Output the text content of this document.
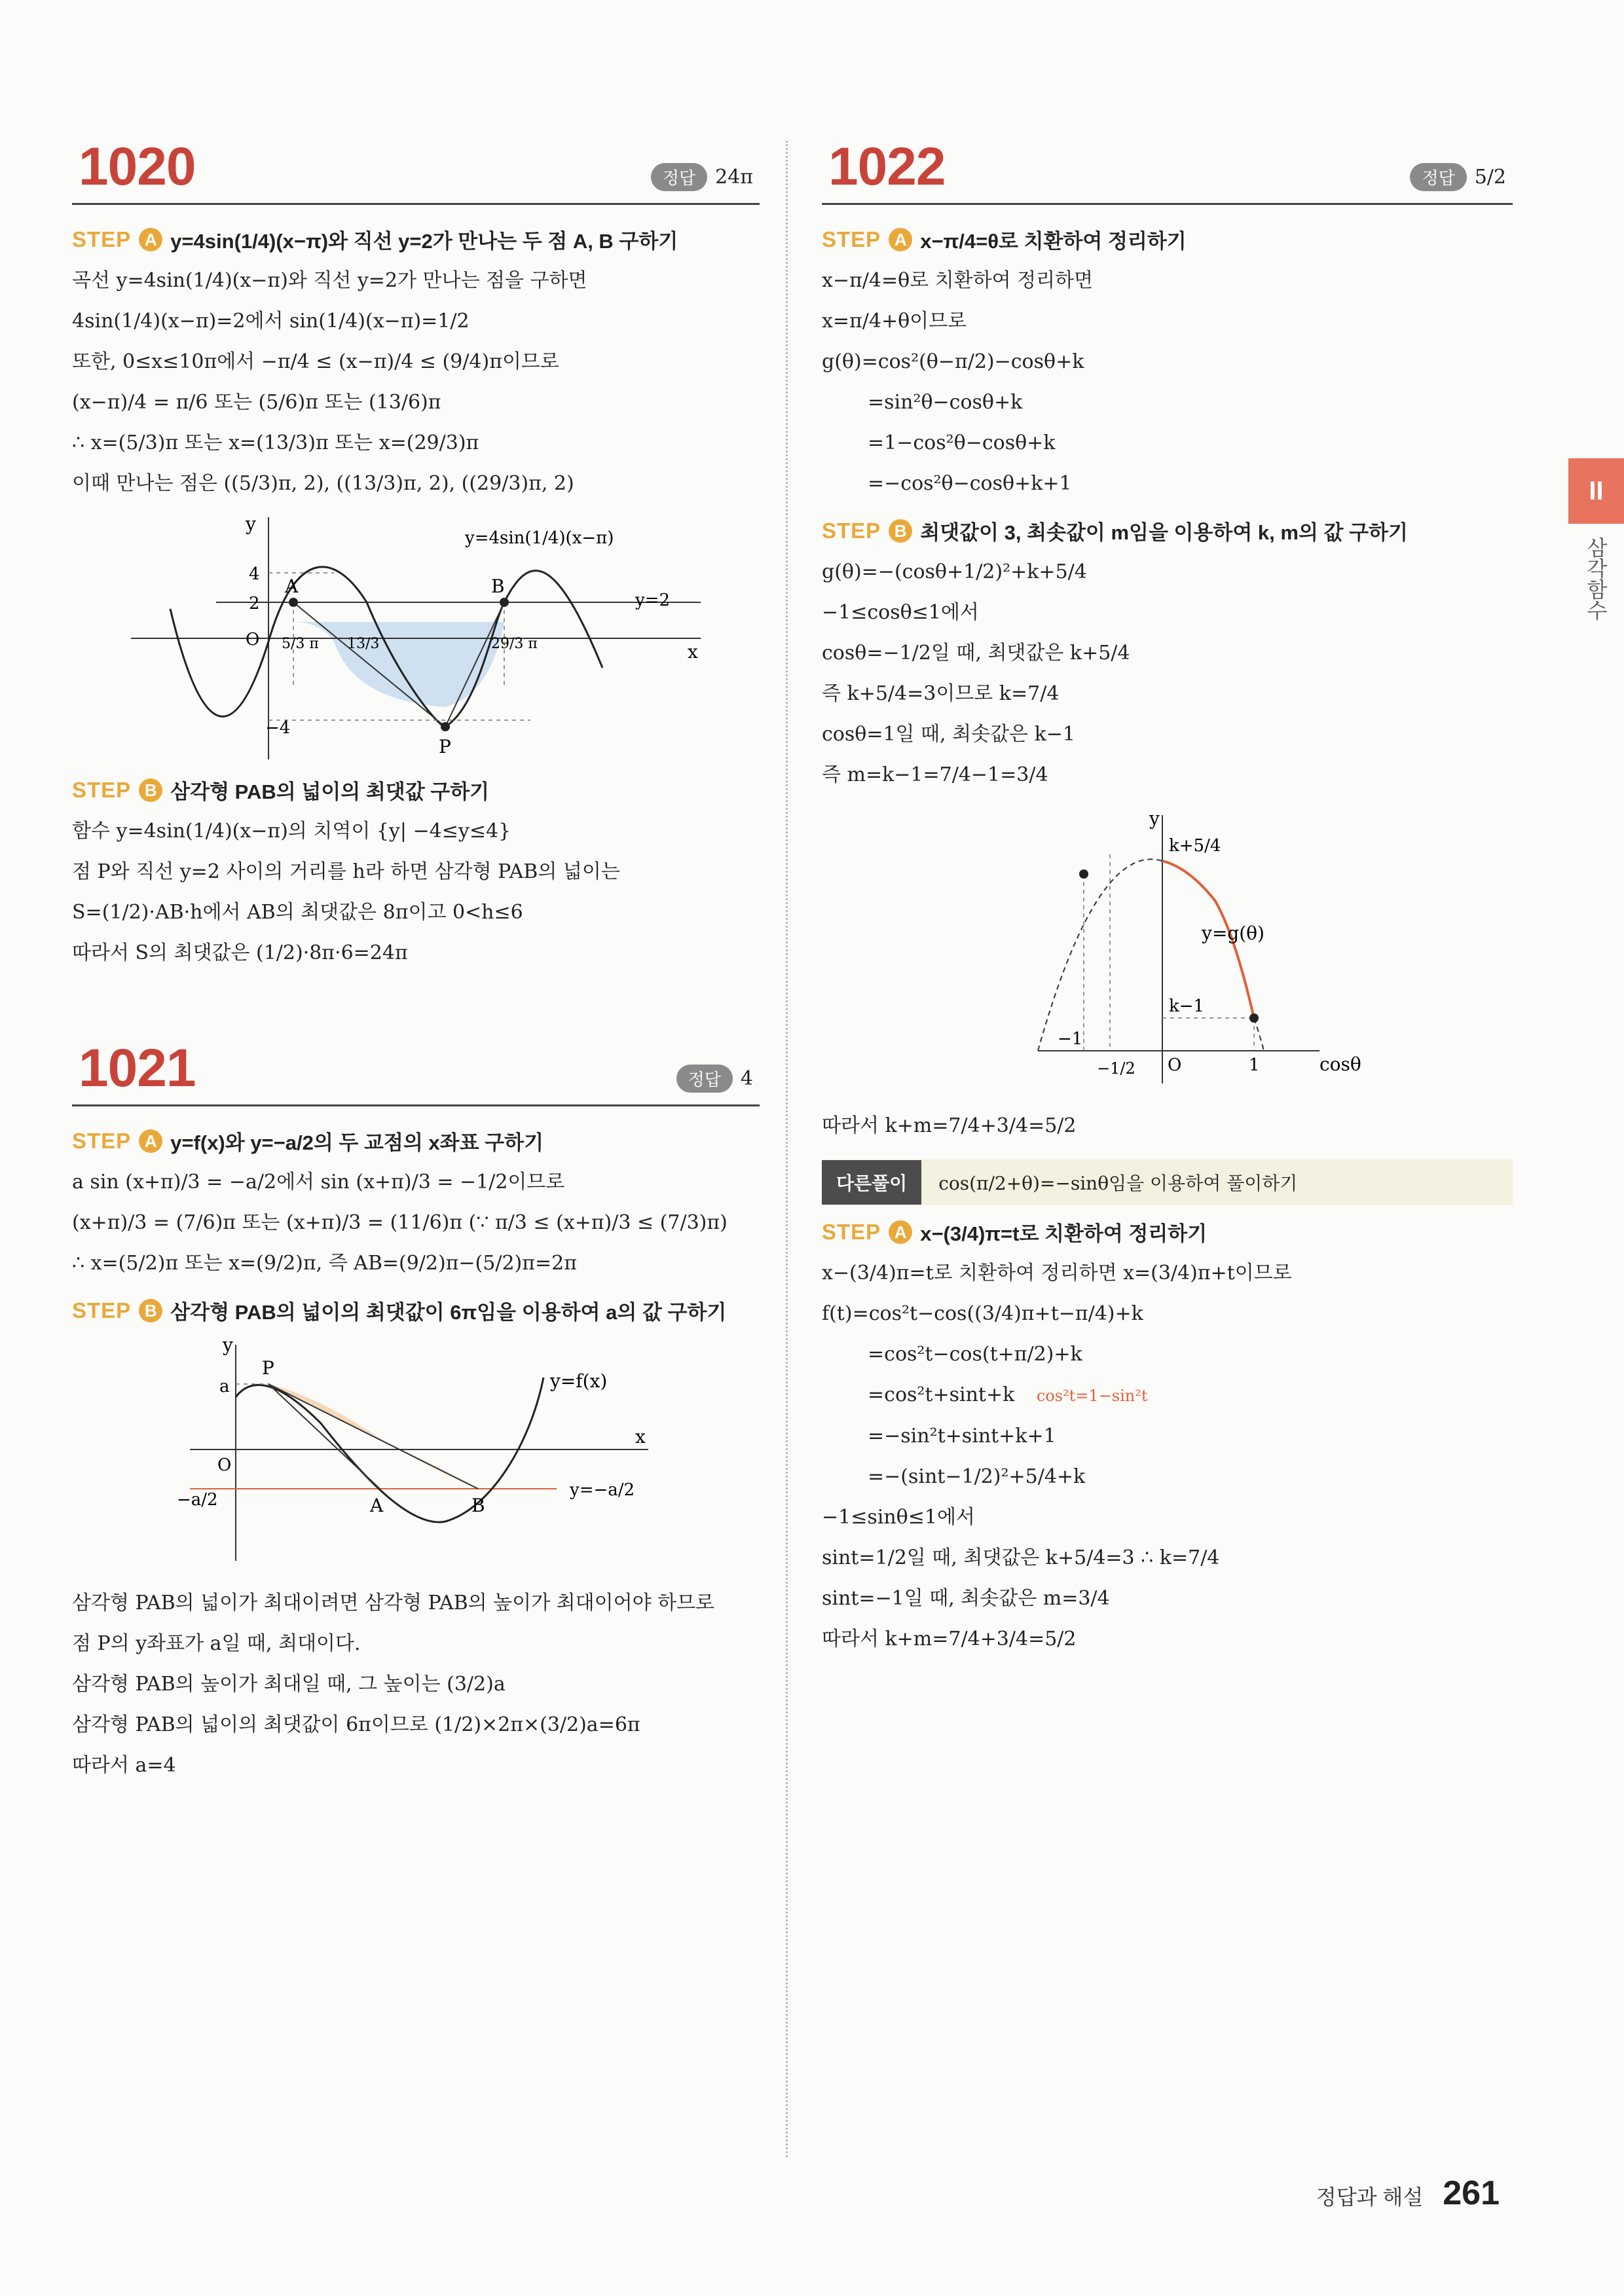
1020	정답	24π
STEP A y=4sin(1/4)(x−π)와 직선 y=2가 만나는 두 점 A, B 구하기
곡선 y=4sin(1/4)(x−π)와 직선 y=2가 만나는 점을 구하면
4sin(1/4)(x−π)=2에서 sin(1/4)(x−π)=1/2
또한, 0≤x≤10π에서 −π/4 ≤ (x−π)/4 ≤ (9/4)π이므로
(x−π)/4 = π/6 또는 (5/6)π 또는 (13/6)π
∴ x=(5/3)π 또는 x=(13/3)π 또는 x=(29/3)π
이때 만나는 점은 ((5/3)π, 2), ((13/3)π, 2), ((29/3)π, 2)
A	B
P
4
2
−4
O 5/3 π 13/3	29/3 π	x
y
y=4sin(1/4)(x−π)
y=2
STEP B 삼각형 PAB의 넓이의 최댓값 구하기
함수 y=4sin(1/4)(x−π)의 치역이 {y| −4≤y≤4}
점 P와 직선 y=2 사이의 거리를 h라 하면 삼각형 PAB의 넓이는
S=(1/2)·AB·h에서 AB의 최댓값은 8π이고 0<h≤6
따라서 S의 최댓값은 (1/2)·8π·6=24π
1021	정답	4
STEP A y=f(x)와 y=−a/2의 두 교점의 x좌표 구하기
a sin (x+π)/3 = −a/2에서 sin (x+π)/3 = −1/2이므로
(x+π)/3 = (7/6)π 또는 (x+π)/3 = (11/6)π (∵ π/3 ≤ (x+π)/3 ≤ (7/3)π)
∴ x=(5/2)π 또는 x=(9/2)π, 즉 AB=(9/2)π−(5/2)π=2π
STEP B 삼각형 PAB의 넓이의 최댓값이 6π임을 이용하여 a의 값 구하기
P
A	B
a
−a/2
O
x
y
y=f(x)
y=−a/2
삼각형 PAB의 넓이가 최대이려면 삼각형 PAB의 높이가 최대이어야 하므로
점 P의 y좌표가 a일 때, 최대이다.
삼각형 PAB의 높이가 최대일 때, 그 높이는 (3/2)a
삼각형 PAB의 넓이의 최댓값이 6π이므로 (1/2)×2π×(3/2)a=6π
따라서 a=4
1022	정답	5/2
STEP A x−π/4=θ로 치환하여 정리하기
x−π/4=θ로 치환하여 정리하면
x=π/4+θ이므로
g(θ)=cos²(θ−π/2)−cosθ+k
=sin²θ−cosθ+k
=1−cos²θ−cosθ+k
=−cos²θ−cosθ+k+1
STEP B 최댓값이 3, 최솟값이 m임을 이용하여 k, m의 값 구하기
g(θ)=−(cosθ+1/2)²+k+5/4
−1≤cosθ≤1에서
cosθ=−1/2일 때, 최댓값은 k+5/4
즉 k+5/4=3이므로 k=7/4
cosθ=1일 때, 최솟값은 k−1
즉 m=k−1=7/4−1=3/4
k+5/4
k−1
y=g(θ)
−1
−1/2 O	1	cosθ
y
따라서 k+m=7/4+3/4=5/2
다른풀이	cos(π/2+θ)=−sinθ임을 이용하여 풀이하기
STEP A x−(3/4)π=t로 치환하여 정리하기
x−(3/4)π=t로 치환하여 정리하면 x=(3/4)π+t이므로
f(t)=cos²t−cos((3/4)π+t−π/4)+k
=cos²t−cos(t+π/2)+k
=cos²t+sint+k cos²t=1−sin²t
=−sin²t+sint+k+1
=−(sint−1/2)²+5/4+k
−1≤sinθ≤1에서
sint=1/2일 때, 최댓값은 k+5/4=3 ∴ k=7/4
sint=−1일 때, 최솟값은 m=3/4
따라서 k+m=7/4+3/4=5/2
II
삼각함수
정답과 해설 261
